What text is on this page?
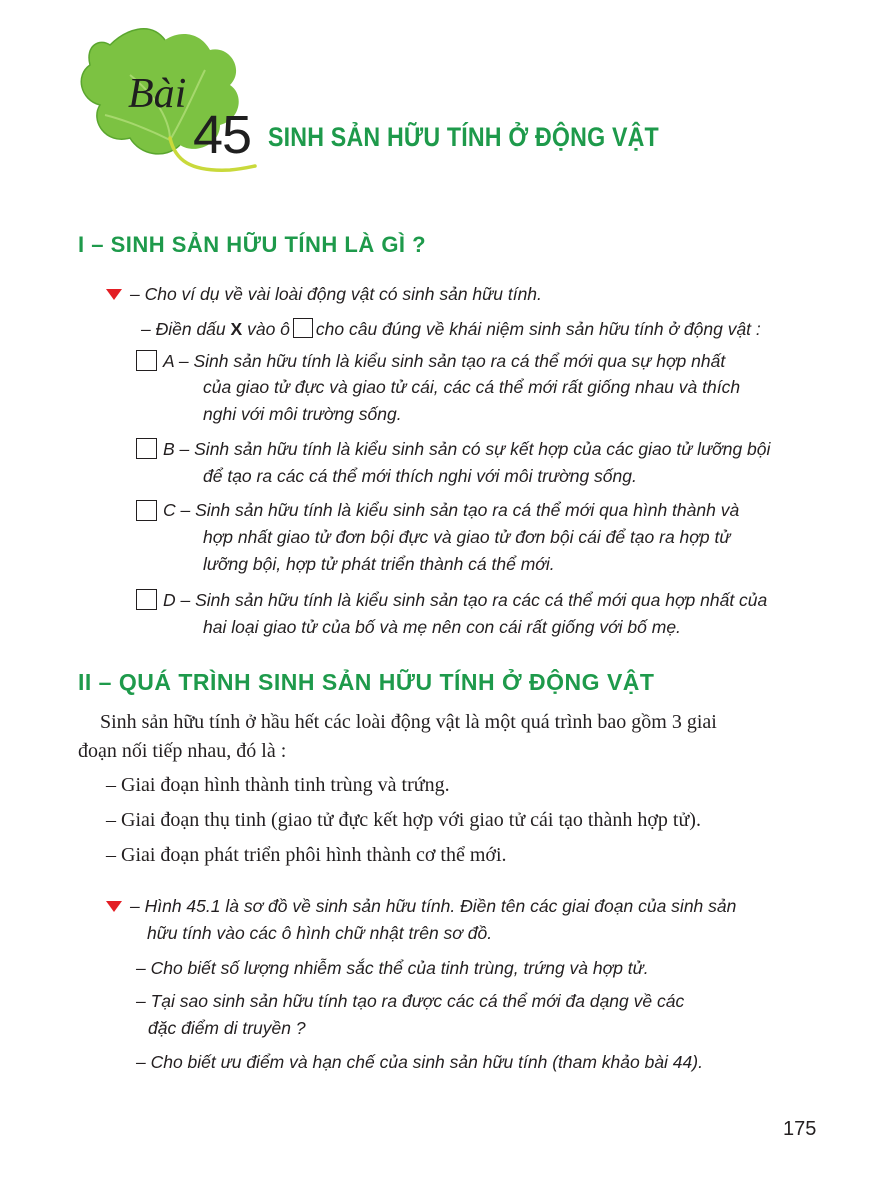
Bài
45 SINH SẢN HỮU TÍNH Ở ĐỘNG VẬT
I – SINH SẢN HỮU TÍNH LÀ GÌ ?
– Cho ví dụ về vài loài động vật có sinh sản hữu tính.
– Điền dấu X vào ô cho câu đúng về khái niệm sinh sản hữu tính ở động vật :
A – Sinh sản hữu tính là kiểu sinh sản tạo ra cá thể mới qua sự hợp nhất
của giao tử đực và giao tử cái, các cá thể mới rất giống nhau và thích
nghi với môi trường sống.
B – Sinh sản hữu tính là kiểu sinh sản có sự kết hợp của các giao tử lưỡng bội
để tạo ra các cá thể mới thích nghi với môi trường sống.
C – Sinh sản hữu tính là kiểu sinh sản tạo ra cá thể mới qua hình thành và
hợp nhất giao tử đơn bội đực và giao tử đơn bội cái để tạo ra hợp tử
lưỡng bội, hợp tử phát triển thành cá thể mới.
D – Sinh sản hữu tính là kiểu sinh sản tạo ra các cá thể mới qua hợp nhất của
hai loại giao tử của bố và mẹ nên con cái rất giống với bố mẹ.
II – QUÁ TRÌNH SINH SẢN HỮU TÍNH Ở ĐỘNG VẬT
Sinh sản hữu tính ở hầu hết các loài động vật là một quá trình bao gồm 3 giai
đoạn nối tiếp nhau, đó là :
– Giai đoạn hình thành tinh trùng và trứng.
– Giai đoạn thụ tinh (giao tử đực kết hợp với giao tử cái tạo thành hợp tử).
– Giai đoạn phát triển phôi hình thành cơ thể mới.
– Hình 45.1 là sơ đồ về sinh sản hữu tính. Điền tên các giai đoạn của sinh sản
hữu tính vào các ô hình chữ nhật trên sơ đồ.
– Cho biết số lượng nhiễm sắc thể của tinh trùng, trứng và hợp tử.
– Tại sao sinh sản hữu tính tạo ra được các cá thể mới đa dạng về các
đặc điểm di truyền ?
– Cho biết ưu điểm và hạn chế của sinh sản hữu tính (tham khảo bài 44).
175
